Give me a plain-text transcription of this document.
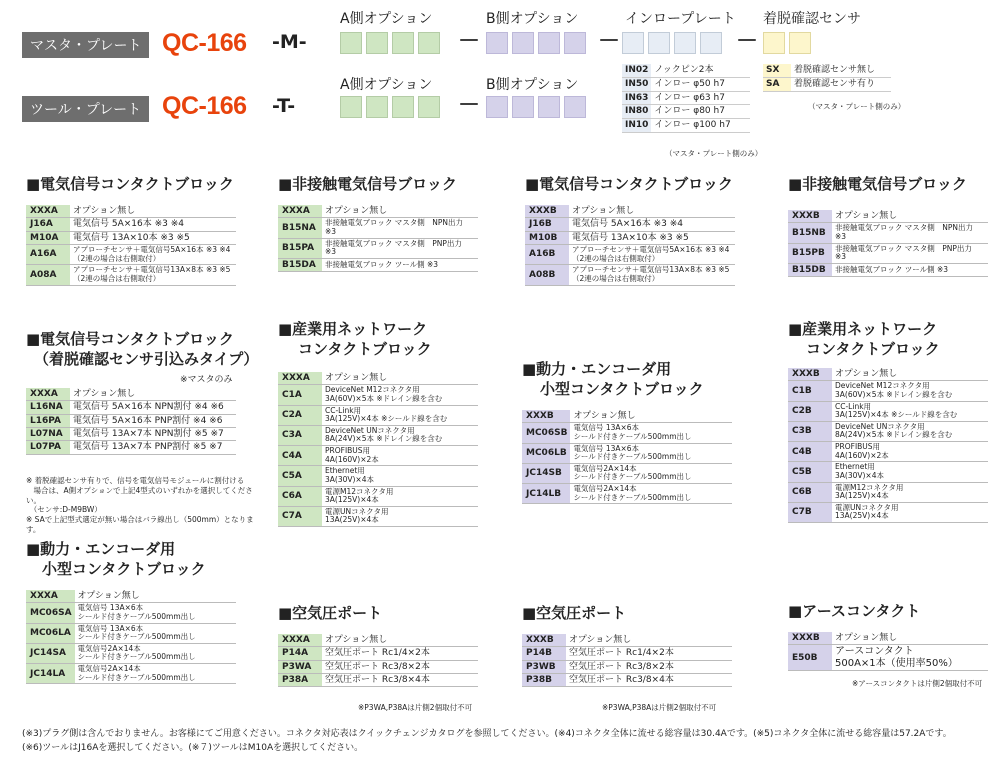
A側オプション	B側オプション	インロープレート 着脱確認センサ
マスタ・プレート QC-166 -M-	－	－	－
A側オプション	B側オプション
ツール・プレート QC-166 -T-	－
IN02	ノックピン2本
IN50	インロー φ50 h7
IN63	インロー φ63 h7
IN80	インロー φ80 h7
IN10	インロー φ100 h7
（マスタ・プレート側のみ）
SX	着脱確認センサ無し
SA	着脱確認センサ有り
（マスタ・プレート側のみ）
■電気信号コンタクトブロック
XXXA	オプション無し
J16A	電気信号 5A×16本 ※3 ※4
M10A	電気信号 13A×10本 ※3 ※5
A16A	アプローチセンサ＋電気信号5A×16本 ※3 ※4
（2連の場合は右側取付）
A08A	アプローチセンサ＋電気信号13A×8本 ※3 ※5
（2連の場合は右側取付）
■非接触電気信号ブロック
XXXA	オプション無し
B15NA	非接触電気ブロック マスタ側　NPN出力 ※3
B15PA	非接触電気ブロック マスタ側　PNP出力 ※3
B15DA	非接触電気ブロック ツール側 ※3
■電気信号コンタクトブロック
XXXB	オプション無し
J16B	電気信号 5A×16本 ※3 ※4
M10B	電気信号 13A×10本 ※3 ※5
A16B	アプローチセンサ＋電気信号5A×16本 ※3 ※4
（2連の場合は右側取付）
A08B	アプローチセンサ＋電気信号13A×8本 ※3 ※5
（2連の場合は右側取付）
■非接触電気信号ブロック
XXXB	オプション無し
B15NB	非接触電気ブロック マスタ側　NPN出力 ※3
B15PB	非接触電気ブロック マスタ側　PNP出力 ※3
B15DB	非接触電気ブロック ツール側 ※3
■電気信号コンタクトブロック
（着脱確認センサ引込みタイプ）
※マスタのみ
XXXA	オプション無し
L16NA	電気信号 5A×16本 NPN割付 ※4 ※6
L16PA	電気信号 5A×16本 PNP割付 ※4 ※6
L07NA	電気信号 13A×7本 NPN割付 ※5 ※7
L07PA	電気信号 13A×7本 PNP割付 ※5 ※7
※ 着脱確認センサ有りで、信号を電気信号モジュールに割付ける
　場合は、A側オプションで上記4型式のいずれかを選択してください。
　（センサ:D-M9BW）
※ SAで上記型式選定が無い場合はバラ線出し（500mm）となります。
■産業用ネットワーク
コンタクトブロック
XXXA	オプション無し
C1A	DeviceNet M12コネクタ用
3A(60V)×5本 ※ドレイン線を含む
C2A	CC-Link用
3A(125V)×4本 ※シールド線を含む
C3A	DeviceNet UNコネクタ用
8A(24V)×5本 ※ドレイン線を含む
C4A	PROFIBUS用
4A(160V)×2本
C5A	Ethernet用
3A(30V)×4本
C6A	電源M12コネクタ用
3A(125V)×4本
C7A	電源UNコネクタ用
13A(25V)×4本
■動力・エンコーダ用
小型コンタクトブロック
XXXB	オプション無し
MC06SB	電気信号 13A×6本
シールド付きケーブル500mm出し
MC06LB	電気信号 13A×6本
シールド付きケーブル500mm出し
JC14SB	電気信号2A×14本
シールド付きケーブル500mm出し
JC14LB	電気信号2A×14本
シールド付きケーブル500mm出し
■産業用ネットワーク
コンタクトブロック
XXXB	オプション無し
C1B	DeviceNet M12コネクタ用
3A(60V)×5本 ※ドレイン線を含む
C2B	CC-Link用
3A(125V)×4本 ※シールド線を含む
C3B	DeviceNet UNコネクタ用
8A(24V)×5本 ※ドレイン線を含む
C4B	PROFIBUS用
4A(160V)×2本
C5B	Ethernet用
3A(30V)×4本
C6B	電源M12コネクタ用
3A(125V)×4本
C7B	電源UNコネクタ用
13A(25V)×4本
■動力・エンコーダ用
小型コンタクトブロック
XXXA	オプション無し
MC06SA	電気信号 13A×6本
シールド付きケーブル500mm出し
MC06LA	電気信号 13A×6本
シールド付きケーブル500mm出し
JC14SA	電気信号2A×14本
シールド付きケーブル500mm出し
JC14LA	電気信号2A×14本
シールド付きケーブル500mm出し
■空気圧ポート
XXXA	オプション無し
P14A	空気圧ポート Rc1/4×2本
P3WA	空気圧ポート Rc3/8×2本
P38A	空気圧ポート Rc3/8×4本
※P3WA,P38Aは片側2個取付不可
■空気圧ポート
XXXB	オプション無し
P14B	空気圧ポート Rc1/4×2本
P3WB	空気圧ポート Rc3/8×2本
P38B	空気圧ポート Rc3/8×4本
※P3WA,P38Aは片側2個取付不可
■アースコンタクト
XXXB	オプション無し
E50B	アースコンタクト
500A×1本（使用率50%）
※アースコンタクトは片側2個取付不可
(※3)プラグ側は含んでおりません。お客様にてご用意ください。コネクタ対応表はクイックチェンジカタログを参照してください。(※4)コネクタ全体に流せる総容量は30.4Aです。(※5)コネクタ全体に流せる総容量は57.2Aです。
(※6)ツールはJ16Aを選択してください。(※７)ツールはM10Aを選択してください。
